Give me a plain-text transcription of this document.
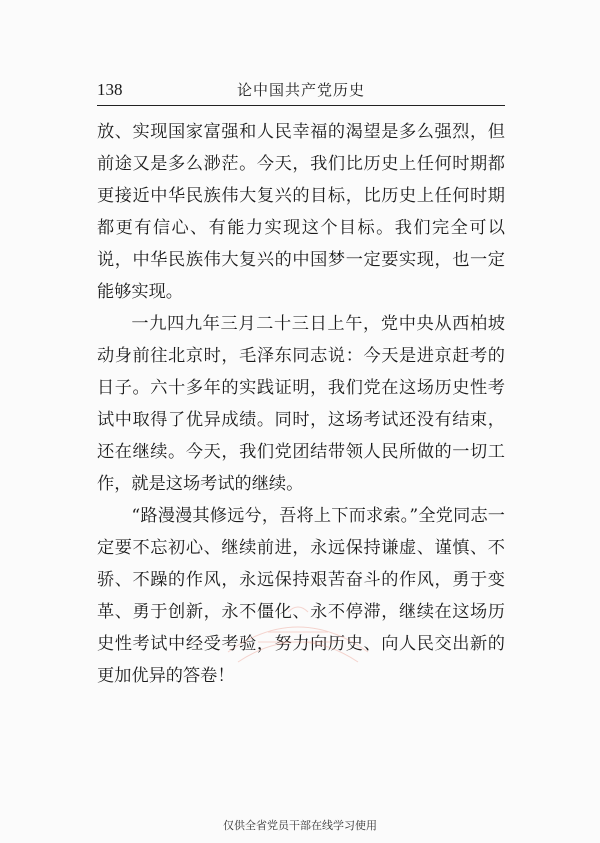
138	论中国共产党历史

放、实现国家富强和人民幸福的渴望是多么强烈，但前途又是多么渺茫。今天，我们比历史上任何时期都更接近中华民族伟大复兴的目标，比历史上任何时期都更有信心、有能力实现这个目标。我们完全可以说，中华民族伟大复兴的中国梦一定要实现，也一定能够实现。

一九四九年三月二十三日上午，党中央从西柏坡动身前往北京时，毛泽东同志说：今天是进京赶考的日子。六十多年的实践证明，我们党在这场历史性考试中取得了优异成绩。同时，这场考试还没有结束，还在继续。今天，我们党团结带领人民所做的一切工作，就是这场考试的继续。

“路漫漫其修远兮，吾将上下而求索。”全党同志一定要不忘初心、继续前进，永远保持谦虚、谨慎、不骄、不躁的作风，永远保持艰苦奋斗的作风，勇于变革、勇于创新，永不僵化、永不停滞，继续在这场历史性考试中经受考验，努力向历史、向人民交出新的更加优异的答卷！

仅供全省党员干部在线学习使用
